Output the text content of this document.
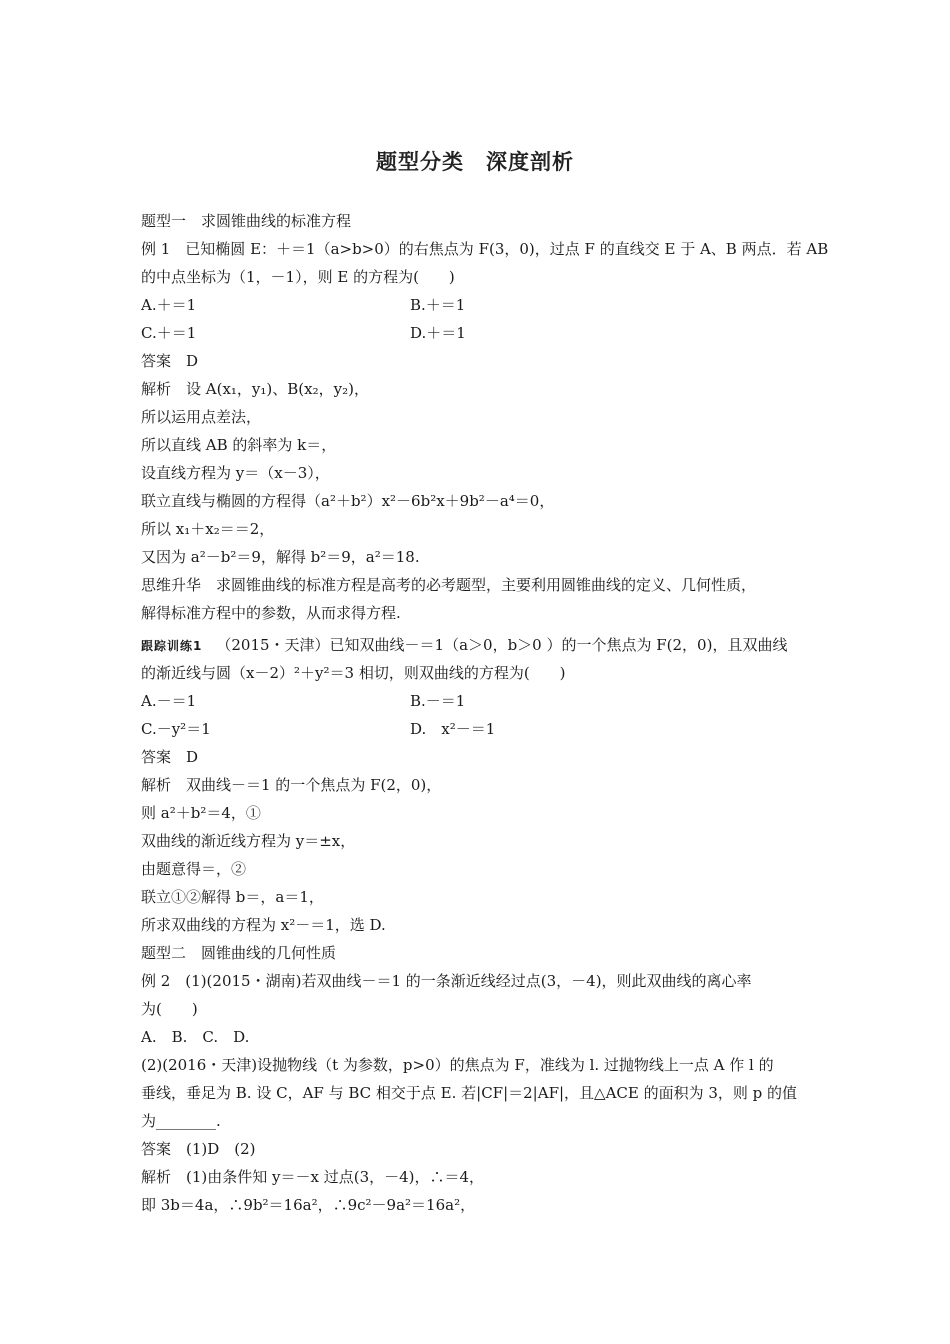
题型分类　深度剖析
题型一　求圆锥曲线的标准方程
例 1　已知椭圆 E：＋＝1（a>b>0）的右焦点为 F(3，0)，过点 F 的直线交 E 于 A、B 两点．若 AB
的中点坐标为（1，－1），则 E 的方程为(　　)
A.＋＝1	B.＋＝1
C.＋＝1	D.＋＝1
答案　D
解析　设 A(x₁，y₁)、B(x₂，y₂)，
所以运用点差法，
所以直线 AB 的斜率为 k＝，
设直线方程为 y＝（x－3），
联立直线与椭圆的方程得（a²＋b²）x²－6b²x＋9b²－a⁴＝0，
所以 x₁＋x₂＝＝2，
又因为 a²－b²＝9，解得 b²＝9，a²＝18.
思维升华　求圆锥曲线的标准方程是高考的必考题型，主要利用圆锥曲线的定义、几何性质，
解得标准方程中的参数，从而求得方程.
跟踪训练1 （2015・天津）已知双曲线－＝1（a＞0，b＞0 ）的一个焦点为 F(2，0)，且双曲线
的渐近线与圆（x－2）²＋y²＝3 相切，则双曲线的方程为(　　)
A.－＝1	B.－＝1
C.－y²＝1	D.　x²－＝1
答案　D
解析　双曲线－＝1 的一个焦点为 F(2，0)，
则 a²＋b²＝4，①
双曲线的渐近线方程为 y＝±x，
由题意得＝，②
联立①②解得 b＝，a＝1，
所求双曲线的方程为 x²－＝1，选 D.
题型二　圆锥曲线的几何性质
例 2　(1)(2015・湖南)若双曲线－＝1 的一条渐近线经过点(3，－4)，则此双曲线的离心率
为(　　)
A.　B.　C.　D.
(2)(2016・天津)设抛物线（t 为参数，p>0）的焦点为 F，准线为 l. 过抛物线上一点 A 作 l 的
垂线，垂足为 B. 设 C，AF 与 BC 相交于点 E. 若|CF|＝2|AF|，且△ACE 的面积为 3，则 p 的值
为________.
答案　(1)D　(2)
解析　(1)由条件知 y＝－x 过点(3，－4)，∴＝4，
即 3b＝4a，∴9b²＝16a²，∴9c²－9a²＝16a²，
